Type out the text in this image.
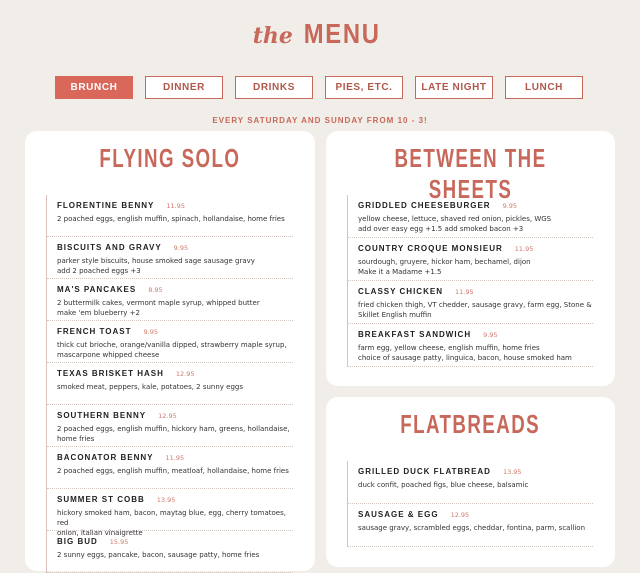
the MENU
BRUNCH	DINNER	DRINKS	PIES, ETC.	LATE NIGHT	LUNCH
EVERY SATURDAY AND SUNDAY FROM 10 - 3!
FLYING SOLO
FLORENTINE BENNY 11.95
2 poached eggs, english muffin, spinach, hollandaise, home fries
BISCUITS AND GRAVY 9.95
parker style biscuits, house smoked sage sausage gravy
add 2 poached eggs +3
MA'S PANCAKES 8.95
2 buttermilk cakes, vermont maple syrup, whipped butter
make 'em blueberry +2
FRENCH TOAST 9.95
thick cut brioche, orange/vanilla dipped, strawberry maple syrup,
mascarpone whipped cheese
TEXAS BRISKET HASH 12.95
smoked meat, peppers, kale, potatoes, 2 sunny eggs
SOUTHERN BENNY 12.95
2 poached eggs, english muffin, hickory ham, greens, hollandaise,
home fries
BACONATOR BENNY 11.95
2 poached eggs, english muffin, meatloaf, hollandaise, home fries
SUMMER ST COBB 13.95
hickory smoked ham, bacon, maytag blue, egg, cherry tomatoes, red
onion, italian vinaigrette
BIG BUD 15.95
2 sunny eggs, pancake, bacon, sausage patty, home fries
BETWEEN THE SHEETS
GRIDDLED CHEESEBURGER 9.95
yellow cheese, lettuce, shaved red onion, pickles, WGS
add over easy egg +1.5 add smoked bacon +3
COUNTRY CROQUE MONSIEUR 11.95
sourdough, gruyere, hickor ham, bechamel, dijon
Make it a Madame +1.5
CLASSY CHICKEN 11.95
fried chicken thigh, VT chedder, sausage gravy, farm egg, Stone &
Skillet English muffin
BREAKFAST SANDWICH 9.95
farm egg, yellow cheese, english muffin, home fries
choice of sausage patty, linguica, bacon, house smoked ham
FLATBREADS
GRILLED DUCK FLATBREAD 13.95
duck confit, poached figs, blue cheese, balsamic
SAUSAGE & EGG 12.95
sausage gravy, scrambled eggs, cheddar, fontina, parm, scallion
